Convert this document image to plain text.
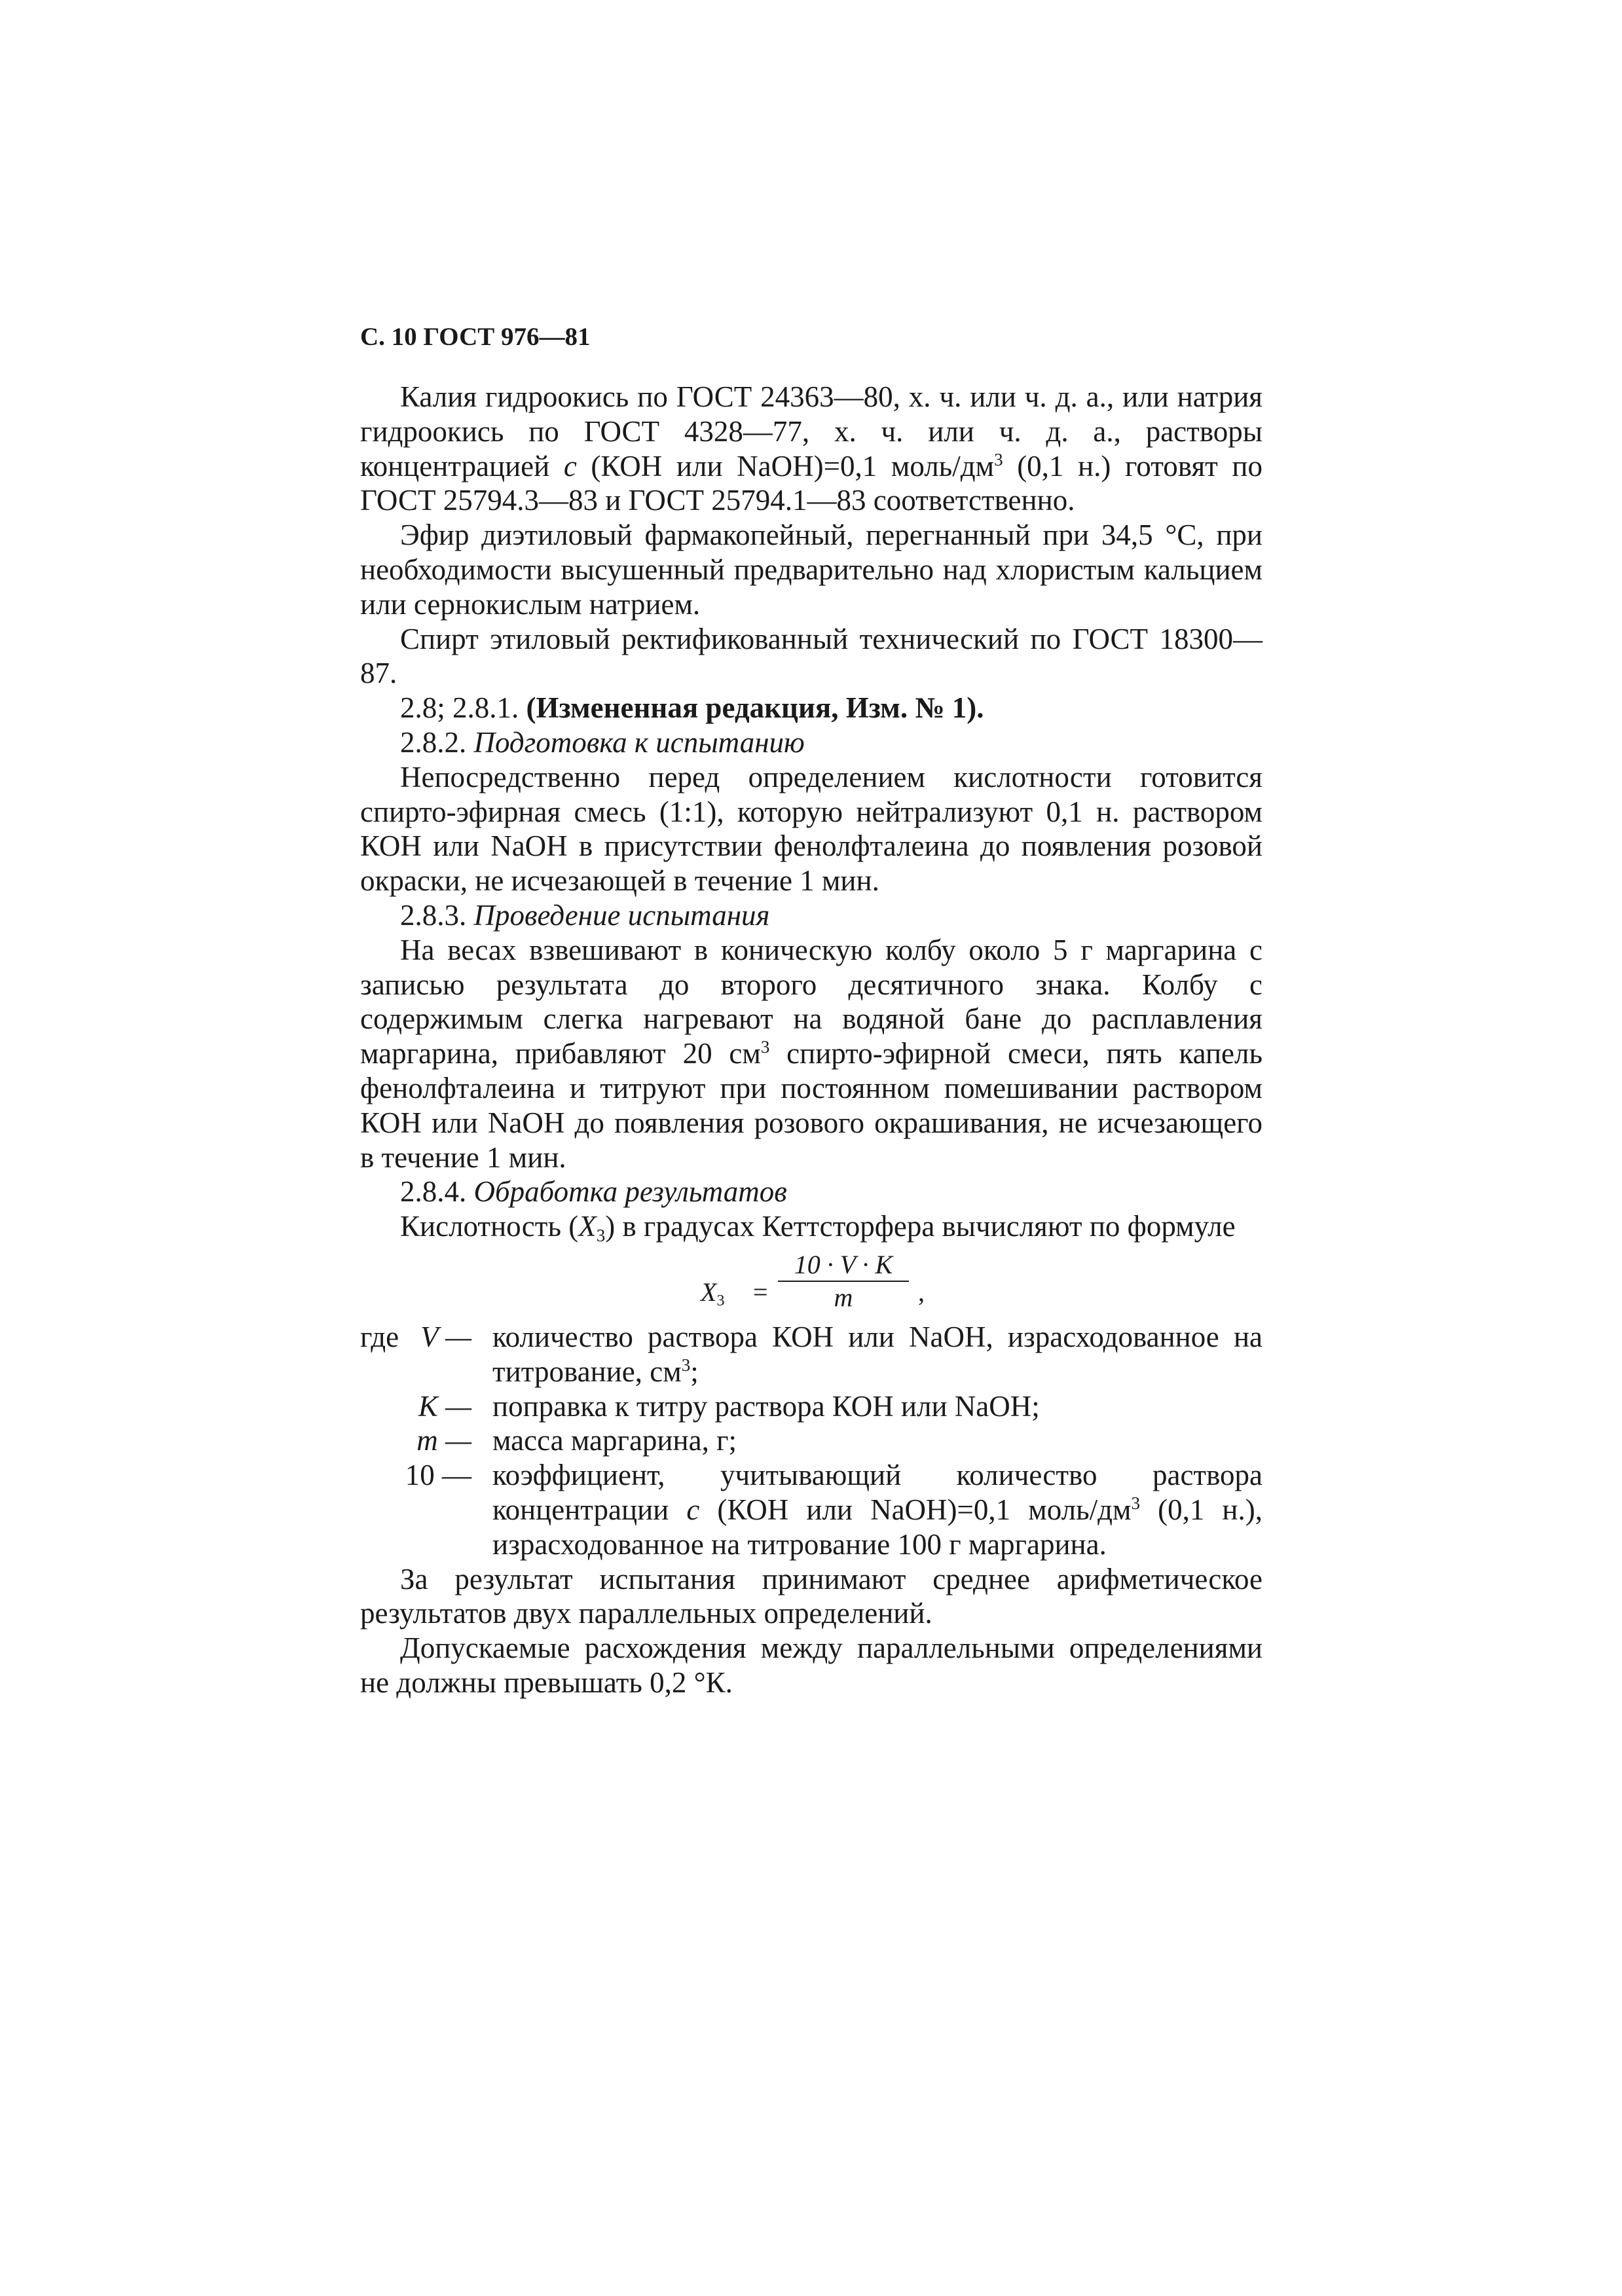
С. 10 ГОСТ 976—81

Калия гидроокись по ГОСТ 24363—80, х. ч. или ч. д. а., или натрия гидроокись по ГОСТ 4328—77, х. ч. или ч. д. а., растворы концентрацией с (КОН или NaOH)=0,1 моль/$дм^3$ (0,1 н.) готовят по ГОСТ 25794.3—83 и ГОСТ 25794.1—83 соответственно.

Эфир диэтиловый фармакопейный, перегнанный при 34,5 °С, при необходимости высушенный предварительно над хлористым кальцием или сернокислым натрием.

Спирт этиловый ректификованный технический по ГОСТ 18300—87.

2.8; 2.8.1. (Измененная редакция, Изм. № 1).

2.8.2. Подготовка к испытанию

Непосредственно перед определением кислотности готовится спирто-эфирная смесь (1:1), которую нейтрализуют 0,1 н. раствором КОН или NaOH в присутствии фенолфталеина до появления розовой окраски, не исчезающей в течение 1 мин.

2.8.3. Проведение испытания

На весах взвешивают в коническую колбу около 5 г маргарина с записью результата до второго десятичного знака. Колбу с содержимым слегка нагревают на водяной бане до расплавления маргарина, прибавляют 20 $см^3$ спирто-эфирной смеси, пять капель фенолфталеина и титруют при постоянном помешивании раствором КОН или NaOH до появления розового окрашивания, не исчезающего в течение 1 мин.

2.8.4. Обработка результатов

Кислотность $(X_3)$ в градусах Кеттсторфера вычисляют по формуле

$X_3$ =
10 · V · K
m	,
где	V —	количество раствора КОН или NaOH, израсходованное на титрование, $см^3$;
	K —	поправка к титру раствора КОН или NaOH;
	m —	масса маргарина, г;
	10 —	коэффициент, учитывающий количество раствора концентрации с (КОН или NaOH)=0,1 моль/$дм^3$ (0,1 н.), израсходованное на титрование 100 г маргарина.

За результат испытания принимают среднее арифметическое результатов двух параллельных определений.

Допускаемые расхождения между параллельными определениями не должны превышать 0,2 °К.
